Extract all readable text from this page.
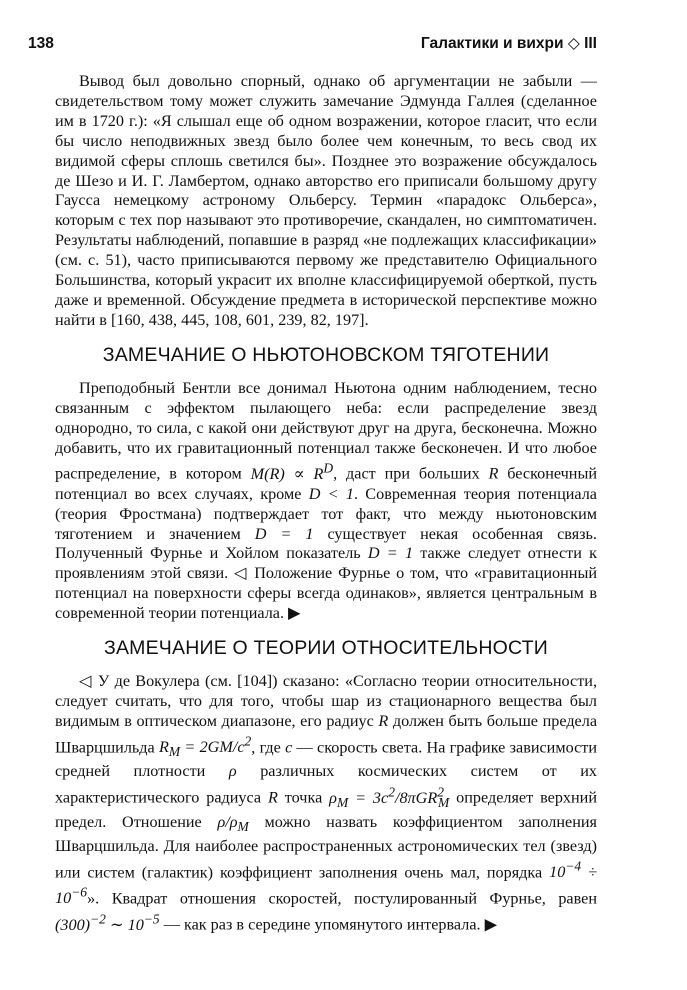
138	Галактики и вихри ◇ III

Вывод был довольно спорный, однако об аргументации не забыли — свидетельством тому может служить замечание Эдмунда Галлея (сделанное им в 1720 г.): «Я слышал еще об одном возражении, которое гласит, что если бы число неподвижных звезд было более чем конечным, то весь свод их видимой сферы сплошь светился бы». Позднее это возражение обсуждалось де Шезо и И. Г. Ламбертом, однако авторство его приписали большому другу Гаусса немецкому астроному Ольберсу. Термин «парадокс Ольберса», которым с тех пор называют это противоречие, скандален, но симптоматичен. Результаты наблюдений, попавшие в разряд «не подлежащих классификации» (см. с. 51), часто приписываются первому же представителю Официального Большинства, который украсит их вполне классифицируемой оберткой, пусть даже и временной. Обсуждение предмета в исторической перспективе можно найти в [160, 438, 445, 108, 601, 239, 82, 197].

ЗАМЕЧАНИЕ О НЬЮТОНОВСКОМ ТЯГОТЕНИИ

Преподобный Бентли все донимал Ньютона одним наблюдением, тесно связанным с эффектом пылающего неба: если распределение звезд однородно, то сила, с какой они действуют друг на друга, бесконечна. Можно добавить, что их гравитационный потенциал также бесконечен. И что любое распределение, в котором $M(R) \propto R^D$, даст при больших R бесконечный потенциал во всех случаях, кроме D < 1. Современная теория потенциала (теория Фростмана) подтверждает тот факт, что между ньютоновским тяготением и значением D = 1 существует некая особенная связь. Полученный Фурнье и Хойлом показатель D = 1 также следует отнести к проявлениям этой связи. ◁ Положение Фурнье о том, что «гравитационный потенциал на поверхности сферы всегда одинаков», является центральным в современной теории потенциала. ▶

ЗАМЕЧАНИЕ О ТЕОРИИ ОТНОСИТЕЛЬНОСТИ

◁ У де Вокулера (см. [104]) сказано: «Согласно теории относительности, следует считать, что для того, чтобы шар из стационарного вещества был видимым в оптическом диапазоне, его радиус R должен быть больше предела Шварцшильда $R_M = 2GM/c^2$, где c — скорость света. На графике зависимости средней плотности ρ различных космических систем от их характеристического радиуса R точка $\rho_M = 3c^2/8\pi GR^2_M$ определяет верхний предел. Отношение $\rho/\rho_M$ можно назвать коэффициентом заполнения Шварцшильда. Для наиболее распространенных астрономических тел (звезд) или систем (галактик) коэффициент заполнения очень мал, порядка $10^{-4} \div 10^{-6}$». Квадрат отношения скоростей, постулированный Фурнье, равен $(300)^{-2}$ ∼ $10^{-5}$ — как раз в середине упомянутого интервала. ▶
